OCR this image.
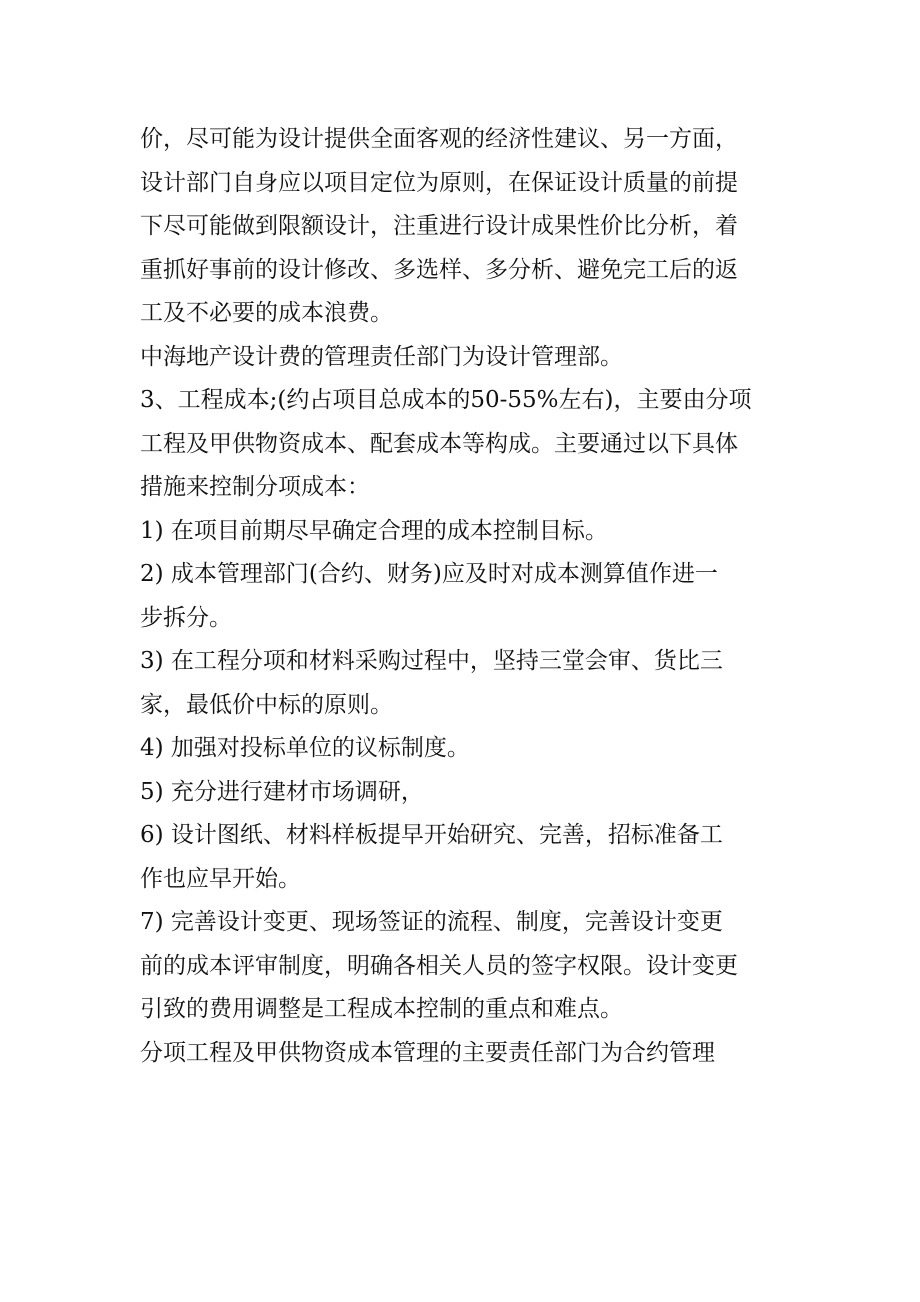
价，尽可能为设计提供全面客观的经济性建议、另一方面，
设计部门自身应以项目定位为原则，在保证设计质量的前提
下尽可能做到限额设计，注重进行设计成果性价比分析，着
重抓好事前的设计修改、多选样、多分析、避免完工后的返
工及不必要的成本浪费。
中海地产设计费的管理责任部门为设计管理部。
3、工程成本;(约占项目总成本的50-55%左右)，主要由分项
工程及甲供物资成本、配套成本等构成。主要通过以下具体
措施来控制分项成本：
1) 在项目前期尽早确定合理的成本控制目标。
2) 成本管理部门(合约、财务)应及时对成本测算值作进一
步拆分。
3) 在工程分项和材料采购过程中，坚持三堂会审、货比三
家，最低价中标的原则。
4) 加强对投标单位的议标制度。
5) 充分进行建材市场调研，
6) 设计图纸、材料样板提早开始研究、完善，招标准备工
作也应早开始。
7) 完善设计变更、现场签证的流程、制度，完善设计变更
前的成本评审制度，明确各相关人员的签字权限。设计变更
引致的费用调整是工程成本控制的重点和难点。
分项工程及甲供物资成本管理的主要责任部门为合约管理
